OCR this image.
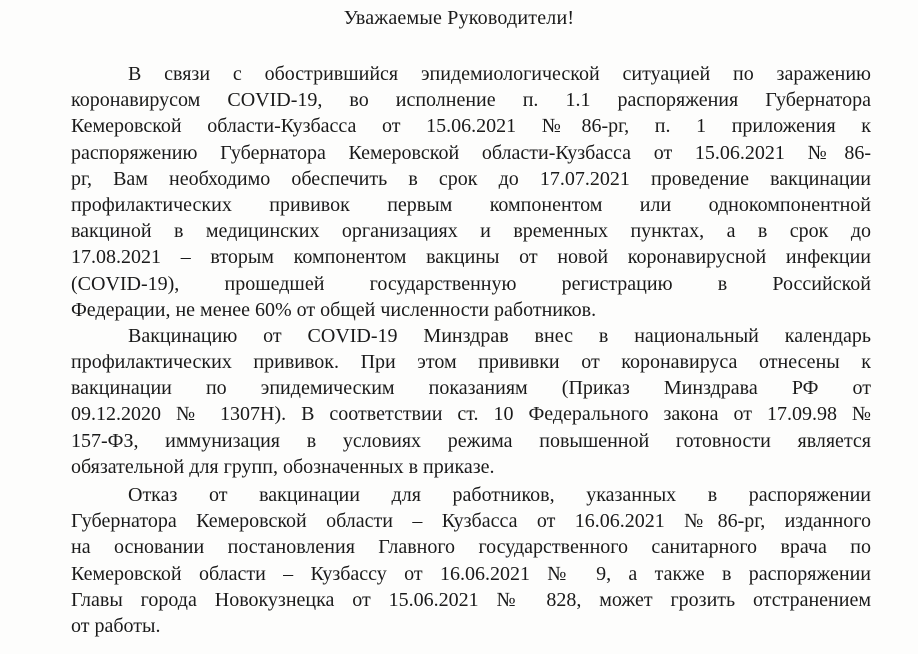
Уважаемые Руководители!
В связи с обострившийся эпидемиологической ситуацией по заражению
коронавирусом COVID-19, во исполнение п. 1.1 распоряжения Губернатора
Кемеровской области-Кузбасса от 15.06.2021 №86-рг, п. 1 приложения к
распоряжению Губернатора Кемеровской области-Кузбасса от 15.06.2021 №86-
рг, Вам необходимо обеспечить в срок до 17.07.2021 проведение вакцинации
профилактических прививок первым компонентом или однокомпонентной
вакциной в медицинских организациях и временных пунктах, а в срок до
17.08.2021 – вторым компонентом вакцины от новой коронавирусной инфекции
(COVID-19), прошедшей государственную регистрацию в Российской
Федерации, не менее 60% от общей численности работников.
Вакцинацию от COVID-19 Минздрав внес в национальный календарь
профилактических прививок. При этом прививки от коронавируса отнесены к
вакцинации по эпидемическим показаниям (Приказ Минздрава РФ от
09.12.2020 № 1307Н). В соответствии ст. 10 Федерального закона от 17.09.98 №
157-ФЗ, иммунизация в условиях режима повышенной готовности является
обязательной для групп, обозначенных в приказе.
Отказ от вакцинации для работников, указанных в распоряжении
Губернатора Кемеровской области – Кузбасса от 16.06.2021 №86-рг, изданного
на основании постановления Главного государственного санитарного врача по
Кемеровской области – Кузбассу от 16.06.2021 № 9, а также в распоряжении
Главы города Новокузнецка от 15.06.2021 № 828, может грозить отстранением
от работы.
